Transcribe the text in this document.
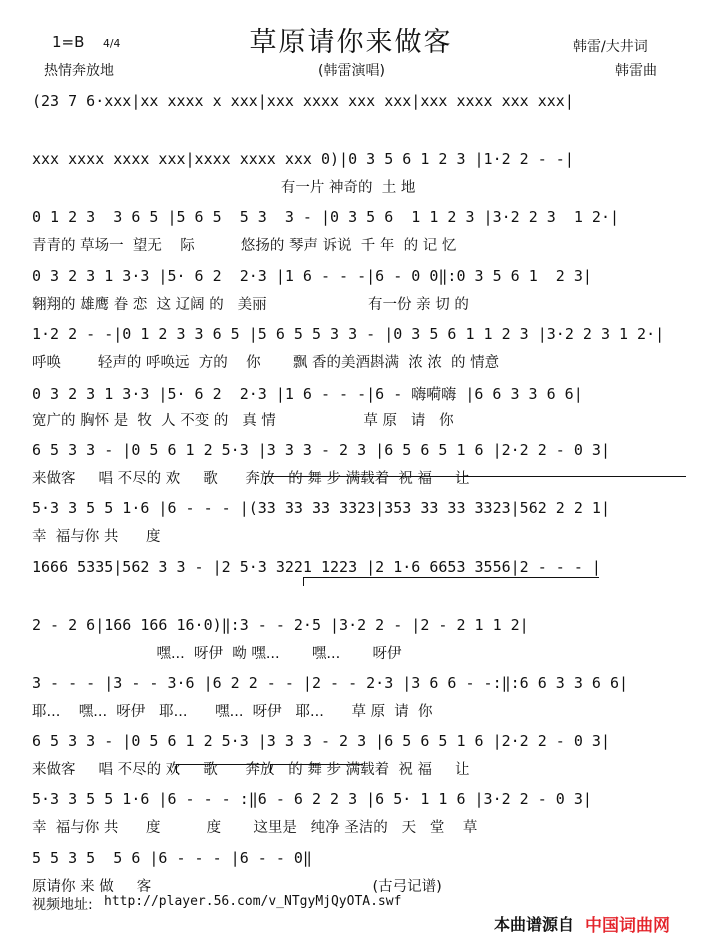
1=B	4/4	草原请你来做客
热情奔放地	(韩雷演唱)
韩雷/大井词
韩雷曲
(23 7 6·xxx|xx xxxx x xxx|xxx xxxx xxx xxx|xxx xxxx xxx xxx|
xxx xxxx xxxx xxx|xxxx xxxx xxx 0)|0 3 5 6 1 2 3 |1·2 2 - -|
有一片 神奇的  土 地
0 1 2 3  3 6 5 |5 6 5  5 3  3 - |0 3 5 6  1 1 2 3 |3·2 2 3  1 2·|
青青的 草场一  望无    际          悠扬的 琴声 诉说  千 年  的 记 忆
0 3 2 3 1 3·3 |5· 6 2  2·3 |1 6 - - -|6 - 0 0‖:0 3 5 6 1  2 3|
翱翔的 雄鹰 眷 恋  这 辽阔 的   美丽                      有一份 亲 切 的
1·2 2 - -|0 1 2 3 3 6 5 |5 6 5 5 3 3 - |0 3 5 6 1 1 2 3 |3·2 2 3 1 2·|
呼唤        轻声的 呼唤远  方的    你       飘 香的美酒斟满  浓 浓  的 情意
0 3 2 3 1 3·3 |5· 6 2  2·3 |1 6 - - -|6 - 嗨嗬嗨 |6 6 3 3 6 6|
宽广的 胸怀 是  牧  人 不变 的   真 情                   草 原   请   你
6 5 3 3 - |0 5 6 1 2 5·3 |3 3 3 - 2 3 |6 5 6 5 1 6 |2·2 2 - 0 3|
来做客     唱 不尽的 欢     歌      奔放   的 舞 步 满载着  祝 福     让
5·3 3 5 5 1·6 |6 - - - |(33 33 33 3323|353 33 33 3323|562 2 2 1|
幸  福与你 共      度
1666 5335|562 3 3 - |2 5·3 3221 1223 |2 1·6 6653 3556|2 - - - |
2 - 2 6|166 166 16·0)‖:3 - - 2·5 |3·2 2 - |2 - 2 1 1 2|
嘿...  呀伊  呦 嘿...       嘿...       呀伊
3 - - - |3 - - 3·6 |6 2 2 - - |2 - - 2·3 |3 6 6 - -:‖:6 6 3 3 6 6|
耶...    嘿...  呀伊   耶...      嘿...  呀伊   耶...      草 原  请  你
6 5 3 3 - |0 5 6 1 2 5·3 |3 3 3 - 2 3 |6 5 6 5 1 6 |2·2 2 - 0 3|
来做客     唱 不尽的 欢     歌      奔放   的 舞 步 满载着  祝 福     让
5·3 3 5 5 1·6 |6 - - - :‖6 - 6 2 2 3 |6 5· 1 1 6 |3·2 2 - 0 3|
幸  福与你 共      度          度       这里是   纯净 圣洁的   天   堂    草
5 5 3 5  5 6 |6 - - - |6 - - 0‖
原请你 来 做     客                                                (古弓记谱)
视频地址: http://player.56.com/v_NTgyMjQyOTA.swf
本曲谱源自 中国词曲网
